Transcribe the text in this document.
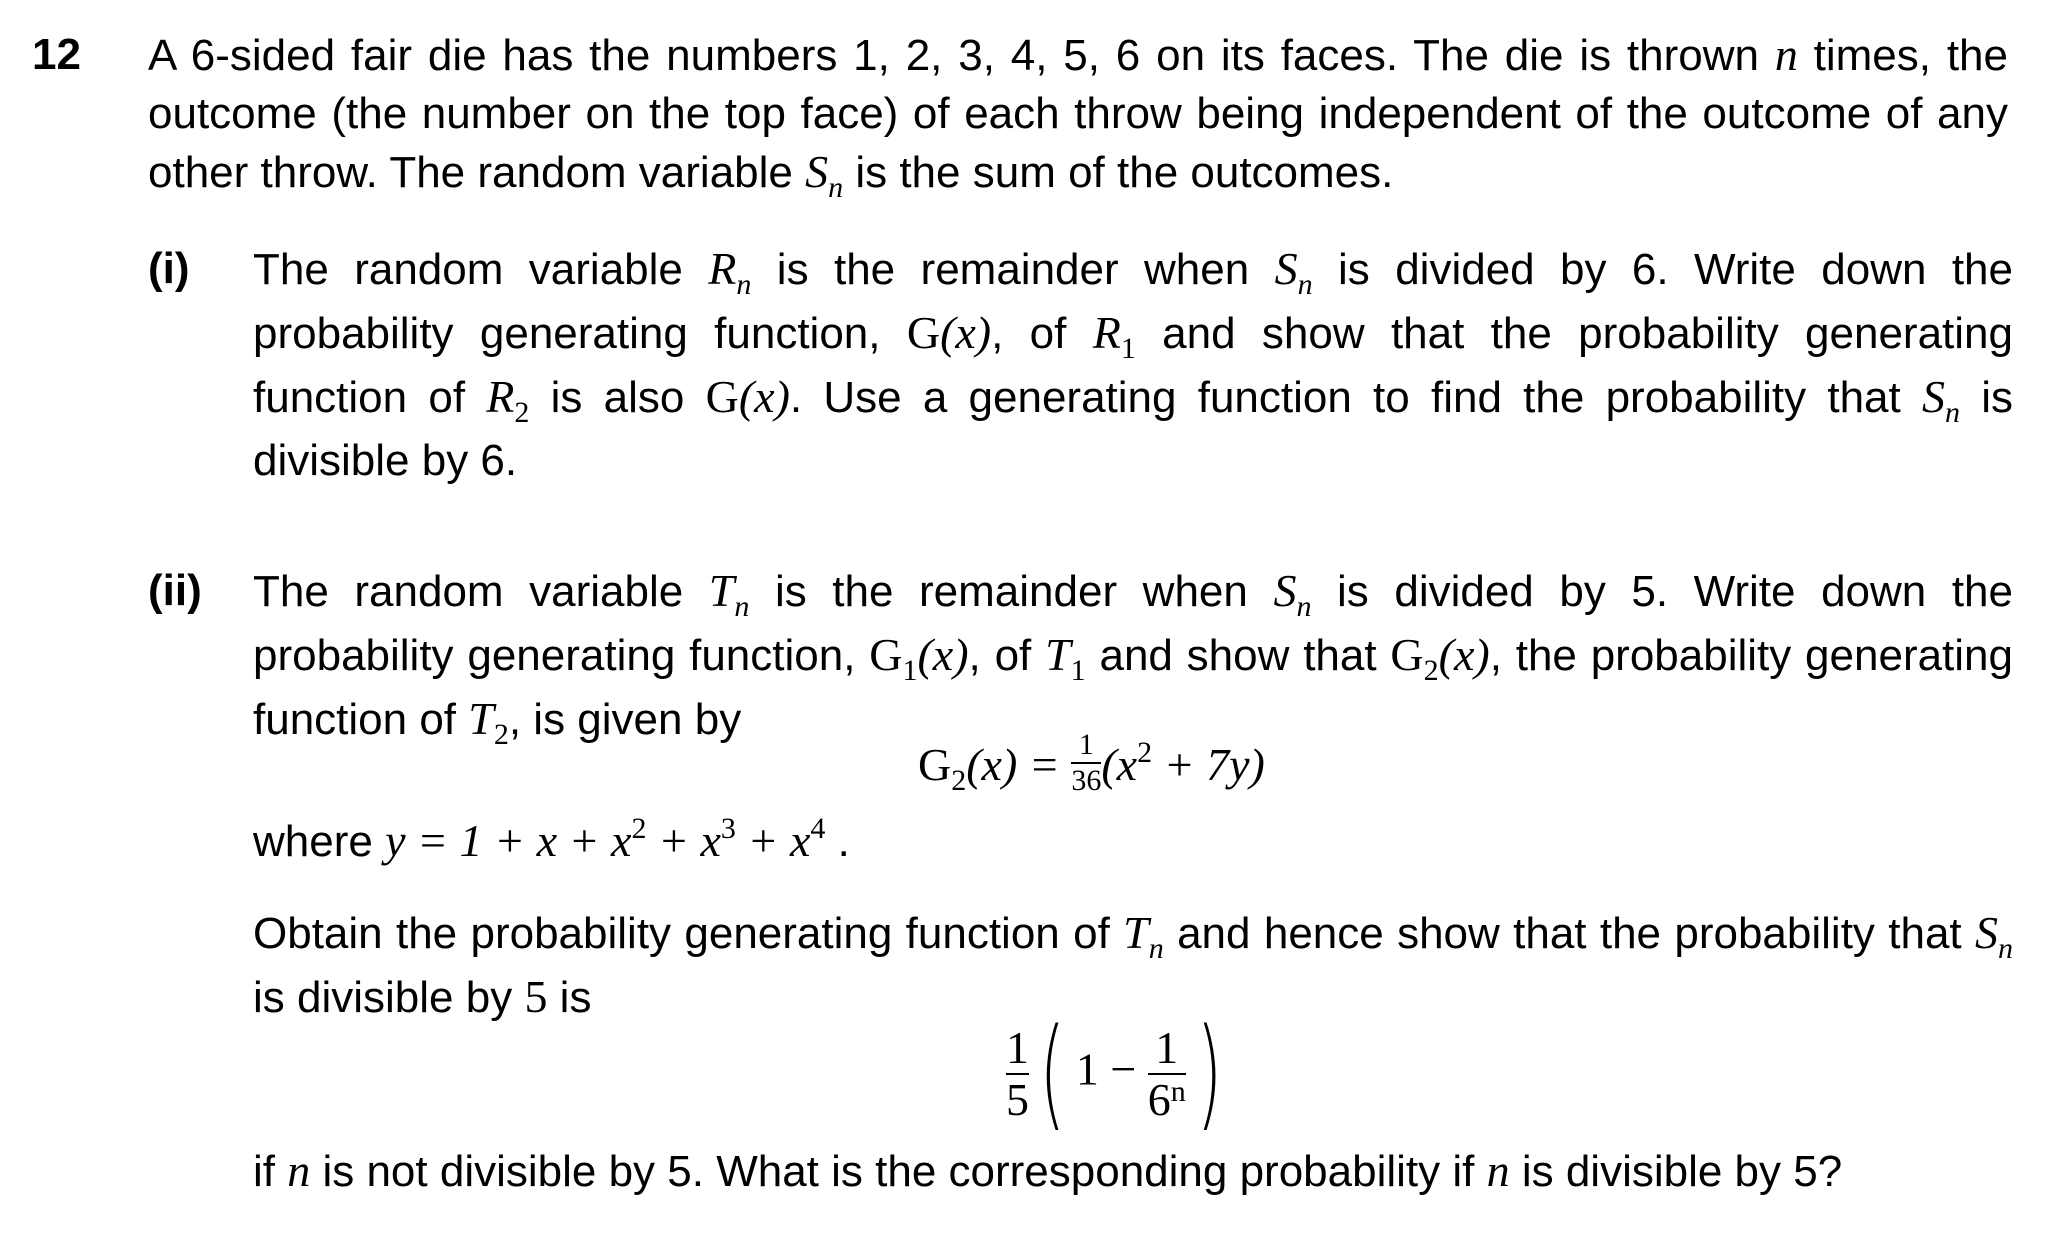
12 A 6-sided fair die has the numbers 1, 2, 3, 4, 5, 6 on its faces. The die is thrown n times, the outcome (the number on the top face) of each throw being independent of the outcome of any other throw. The random variable $S_n$ is the sum of the outcomes.
(i) The random variable $R_n$ is the remainder when $S_n$ is divided by 6. Write down the probability generating function, G(x), of $R_1$ and show that the probability generating function of $R_2$ is also G(x). Use a generating function to find the probability that $S_n$ is divisible by 6.
(ii) The random variable $T_n$ is the remainder when $S_n$ is divided by 5. Write down the probability generating function, $G_1(x)$, of $T_1$ and show that $G_2(x)$, the probability generating function of $T_2$, is given by
$G_2(x) = \frac{1}{36} (x^2 + 7y)$
where $y = 1 + x + x^2 + x^3 + x^4$ .
Obtain the probability generating function of $T_n$ and hence show that the probability that $S_n$ is divisible by 5 is
$\frac{1}{5}$ ( $1 - \frac{1}{6^n}$ )
if n is not divisible by 5. What is the corresponding probability if n is divisible by 5?
